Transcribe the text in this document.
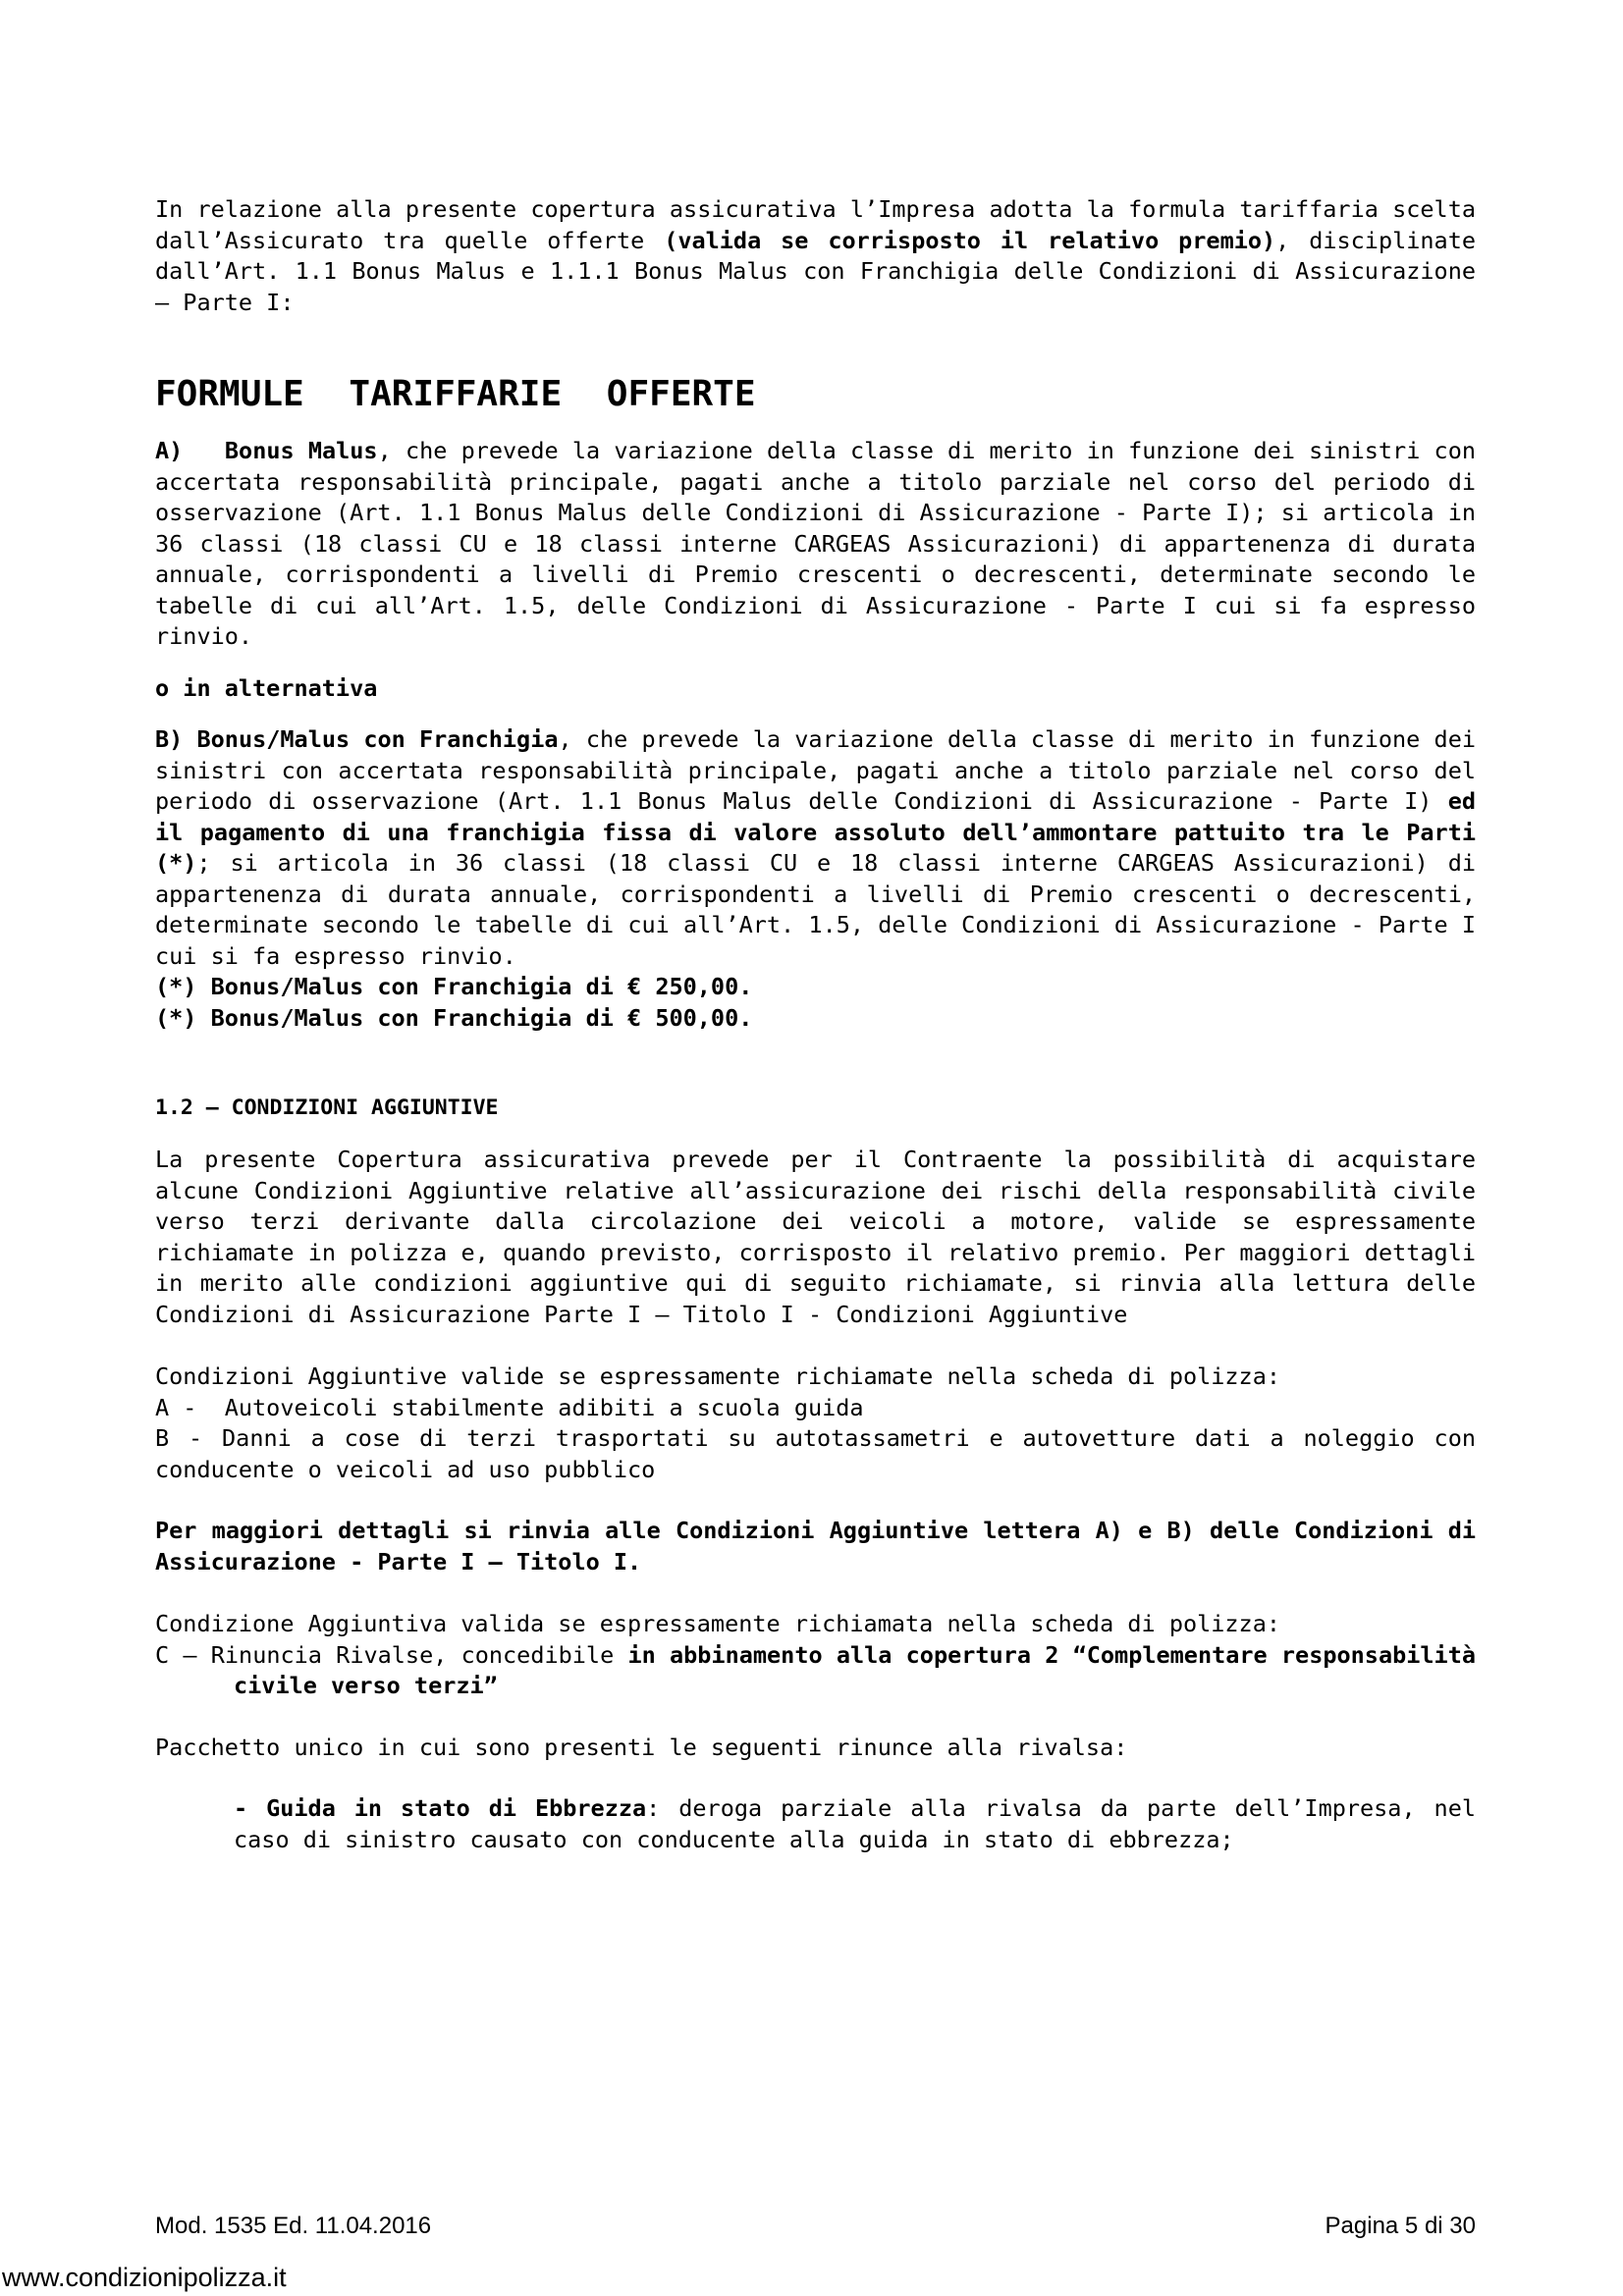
In relazione alla presente copertura assicurativa l’Impresa adotta la formula tariffaria scelta dall’Assicurato tra quelle offerte (valida se corrisposto il relativo premio), disciplinate dall’Art. 1.1 Bonus Malus e 1.1.1 Bonus Malus con Franchigia delle Condizioni di Assicurazione – Parte I:

FORMULE TARIFFARIE OFFERTE

A)   Bonus Malus, che prevede la variazione della classe di merito in funzione dei sinistri con accertata responsabilità principale, pagati anche a titolo parziale nel corso del periodo di osservazione (Art. 1.1 Bonus Malus delle Condizioni di Assicurazione - Parte I); si articola in 36 classi (18 classi CU e 18 classi interne CARGEAS Assicurazioni) di appartenenza di durata annuale, corrispondenti a livelli di Premio crescenti o decrescenti, determinate secondo le tabelle di cui all’Art. 1.5, delle Condizioni di Assicurazione - Parte I cui si fa espresso rinvio.

o in alternativa

B) Bonus/Malus con Franchigia, che prevede la variazione della classe di merito in funzione dei sinistri con accertata responsabilità principale, pagati anche a titolo parziale nel corso del periodo di osservazione (Art. 1.1 Bonus Malus delle Condizioni di Assicurazione - Parte I) ed il pagamento di una franchigia fissa di valore assoluto dell’ammontare pattuito tra le Parti (*); si articola in 36 classi (18 classi CU e 18 classi interne CARGEAS Assicurazioni) di appartenenza di durata annuale, corrispondenti a livelli di Premio crescenti o decrescenti, determinate secondo le tabelle di cui all’Art. 1.5, delle Condizioni di Assicurazione - Parte I cui si fa espresso rinvio.

(*) Bonus/Malus con Franchigia di € 250,00.

(*) Bonus/Malus con Franchigia di € 500,00.

1.2 – CONDIZIONI AGGIUNTIVE

La presente Copertura assicurativa prevede per il Contraente la possibilità di acquistare alcune Condizioni Aggiuntive relative all’assicurazione dei rischi della responsabilità civile verso terzi derivante dalla circolazione dei veicoli a motore, valide se espressamente richiamate in polizza e, quando previsto, corrisposto il relativo premio. Per maggiori dettagli in merito alle condizioni aggiuntive qui di seguito richiamate, si rinvia alla lettura delle Condizioni di Assicurazione Parte I – Titolo I - Condizioni Aggiuntive

Condizioni Aggiuntive valide se espressamente richiamate nella scheda di polizza:

A -  Autoveicoli stabilmente adibiti a scuola guida

B - Danni a cose di terzi trasportati su autotassametri e autovetture dati a noleggio con conducente o veicoli ad uso pubblico

Per maggiori dettagli si rinvia alle Condizioni Aggiuntive lettera A) e B) delle Condizioni di Assicurazione - Parte I – Titolo I.

Condizione Aggiuntiva valida se espressamente richiamata nella scheda di polizza:

C – Rinuncia Rivalse, concedibile in abbinamento alla copertura 2 “Complementare responsabilità civile verso terzi”

Pacchetto unico in cui sono presenti le seguenti rinunce alla rivalsa:

- Guida in stato di Ebbrezza: deroga parziale alla rivalsa da parte dell’Impresa, nel caso di sinistro causato con conducente alla guida in stato di ebbrezza;

Mod. 1535 Ed. 11.04.2016	Pagina 5 di 30
www.condizionipolizza.it
